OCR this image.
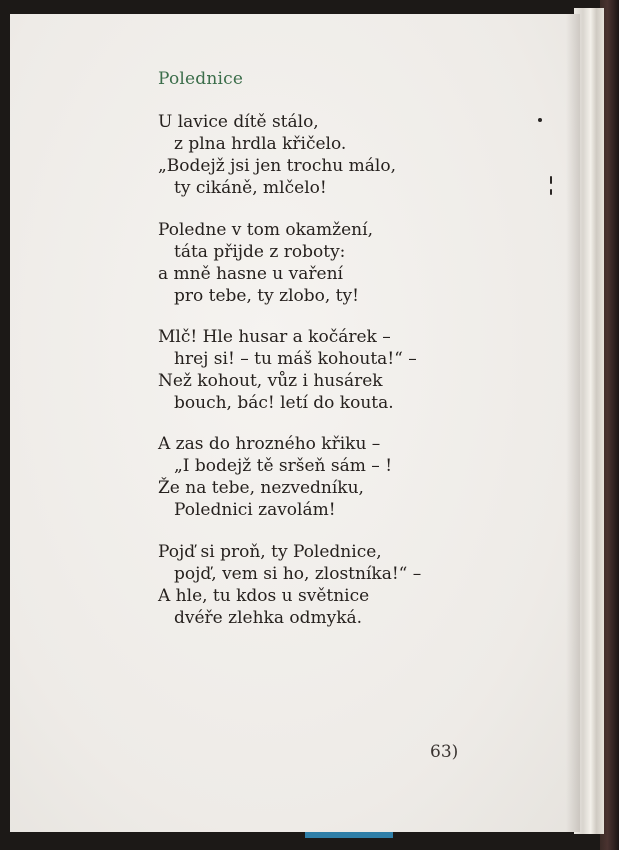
Polednice
U lavice dítě stálo,
z plna hrdla křičelo.
„Bodejž jsi jen trochu málo,
ty cikáně, mlčelo!
Poledne v tom okamžení,
táta přijde z roboty:
a mně hasne u vaření
pro tebe, ty zlobo, ty!
Mlč! Hle husar a kočárek –
hrej si! – tu máš kohouta!“ –
Než kohout, vůz i husárek
bouch, bác! letí do kouta.
A zas do hrozného křiku –
„I bodejž tě sršeň sám – !
Že na tebe, nezvedníku,
Polednici zavolám!
Pojď si proň, ty Polednice,
pojď, vem si ho, zlostníka!“ –
A hle, tu kdos u světnice
dvéře zlehka odmyká.
63)
